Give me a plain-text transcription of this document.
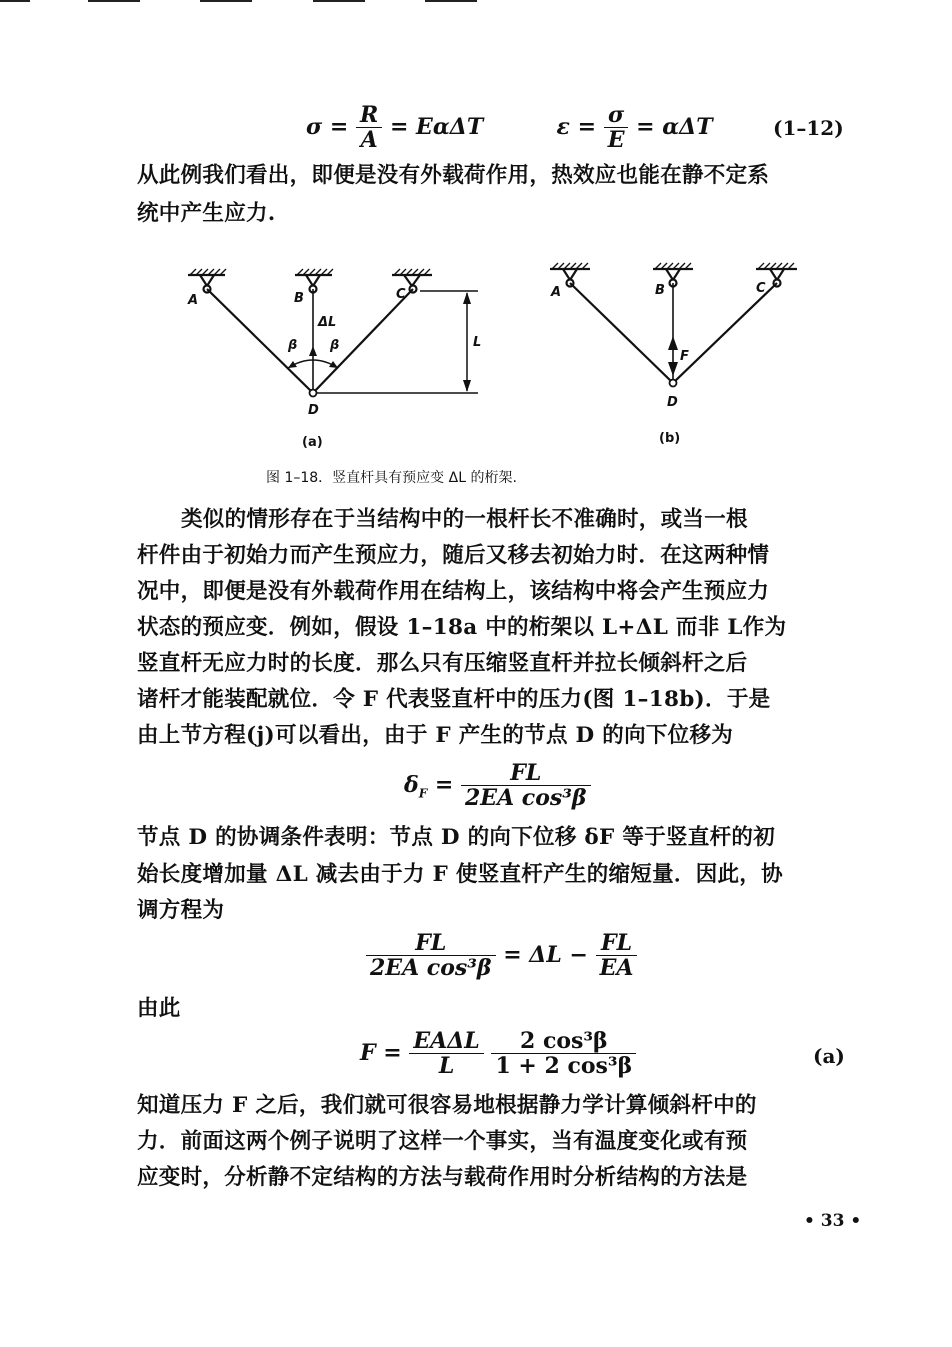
$\sigma = \frac{R}{A} = E\alpha\Delta T$	$\varepsilon = \frac{\sigma}{E} = \alpha\Delta T$	(1–12)
从此例我们看出，即便是没有外载荷作用，热效应也能在静不定系
统中产生应力.
A	B	C
D
ΔL
β	β	L
(a)
A	B	C
D
F
(b)
图 1–18．竖直杆具有预应变 ΔL 的桁架.
类似的情形存在于当结构中的一根杆长不准确时，或当一根
杆件由于初始力而产生预应力，随后又移去初始力时．在这两种情
况中，即便是没有外载荷作用在结构上，该结构中将会产生预应力
状态的预应变．例如，假设 1–18a 中的桁架以 L+ΔL 而非 L作为
竖直杆无应力时的长度．那么只有压缩竖直杆并拉长倾斜杆之后
诸杆才能装配就位．令 F 代表竖直杆中的压力(图 1–18b)．于是
由上节方程(j)可以看出，由于 F 产生的节点 D 的向下位移为
$\delta_F = \frac{FL}{\text{2EA cos³β}}$
节点 D 的协调条件表明：节点 D 的向下位移 δF 等于竖直杆的初
始长度增加量 ΔL 减去由于力 F 使竖直杆产生的缩短量．因此，协
调方程为
$\frac{FL}{\text{2EA cos³β}} = \Delta L - \frac{FL}{EA}$
由此
$F = \frac{\text{EAΔL}}{L}$
$\frac{\text{2 cos³β}}{\text{1 + 2 cos³β}}$	(a)
知道压力 F 之后，我们就可很容易地根据静力学计算倾斜杆中的
力．前面这两个例子说明了这样一个事实，当有温度变化或有预
应变时，分析静不定结构的方法与载荷作用时分析结构的方法是
• 33 •
